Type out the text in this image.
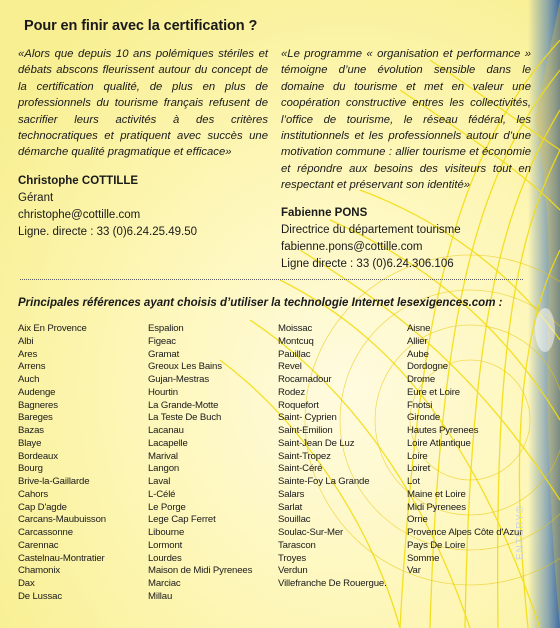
Pour en finir avec la certification ?

«Alors que depuis 10 ans polémiques stériles et débats abscons fleurissent autour du concept de la certification qualité, de plus en plus de professionnels du tourisme français refusent de sacrifier leurs activités à des critères technocratiques et pratiquent avec succès une démarche qualité pragmatique et efficace»

«Le programme « organisation et performance » témoigne d’une évolution sensible dans le domaine du tourisme et met en valeur une coopération constructive entres les collectivités, l’office de tourisme, le réseau fédéral, les institutionnels et les professionnels autour d’une motivation commune : allier tourisme et économie et répondre aux besoins des visiteurs tout en respectant et préservant son identité»

Christophe COTTILLE
Gérant
christophe@cottille.com
Ligne. directe : 33 (0)6.24.25.49.50
Fabienne PONS
Directrice du département tourisme
fabienne.pons@cottille.com
Ligne directe : 33 (0)6.24.306.106
Principales références ayant choisis d’utiliser la technologie Internet lesexigences.com :
Aix En Provence
Albi
Ares
Arrens
Auch
Audenge
Bagneres
Bareges
Bazas
Blaye
Bordeaux
Bourg
Brive-la-Gaillarde
Cahors
Cap D'agde
Carcans-Maubuisson
Carcassonne
Carennac
Castelnau-Montratier
Chamonix
Dax
De Lussac
Espalion
Figeac
Gramat
Greoux Les Bains
Gujan-Mestras
Hourtin
La Grande-Motte
La Teste De Buch
Lacanau
Lacapelle
Marival
Langon
Laval
L-Célé
Le Porge
Lege Cap Ferret
Libourne
Lormont
Lourdes
Maison de Midi Pyrenees
Marciac
Millau
Moissac
Montcuq
Pauillac
Revel
Rocamadour
Rodez
Roquefort
Saint- Cyprien
Saint-Emilion
Saint-Jean De Luz
Saint-Tropez
Saint-Céré
Sainte-Foy La Grande
Salars
Sarlat
Souillac
Soulac-Sur-Mer
Tarascon
Troyes
Verdun
Villefranche De Rouergue.
Aisne
Allier
Aube
Dordogne
Drome
Eure et Loire
Fnotsi
Gironde
Hautes Pyrenees
Loire Atlantique
Loire
Loiret
Lot
Maine et Loire
Midi Pyrenees
Orne
Provence Alpes Côte d'Azur
Pays De Loire
Somme
Var
ENTURY®
